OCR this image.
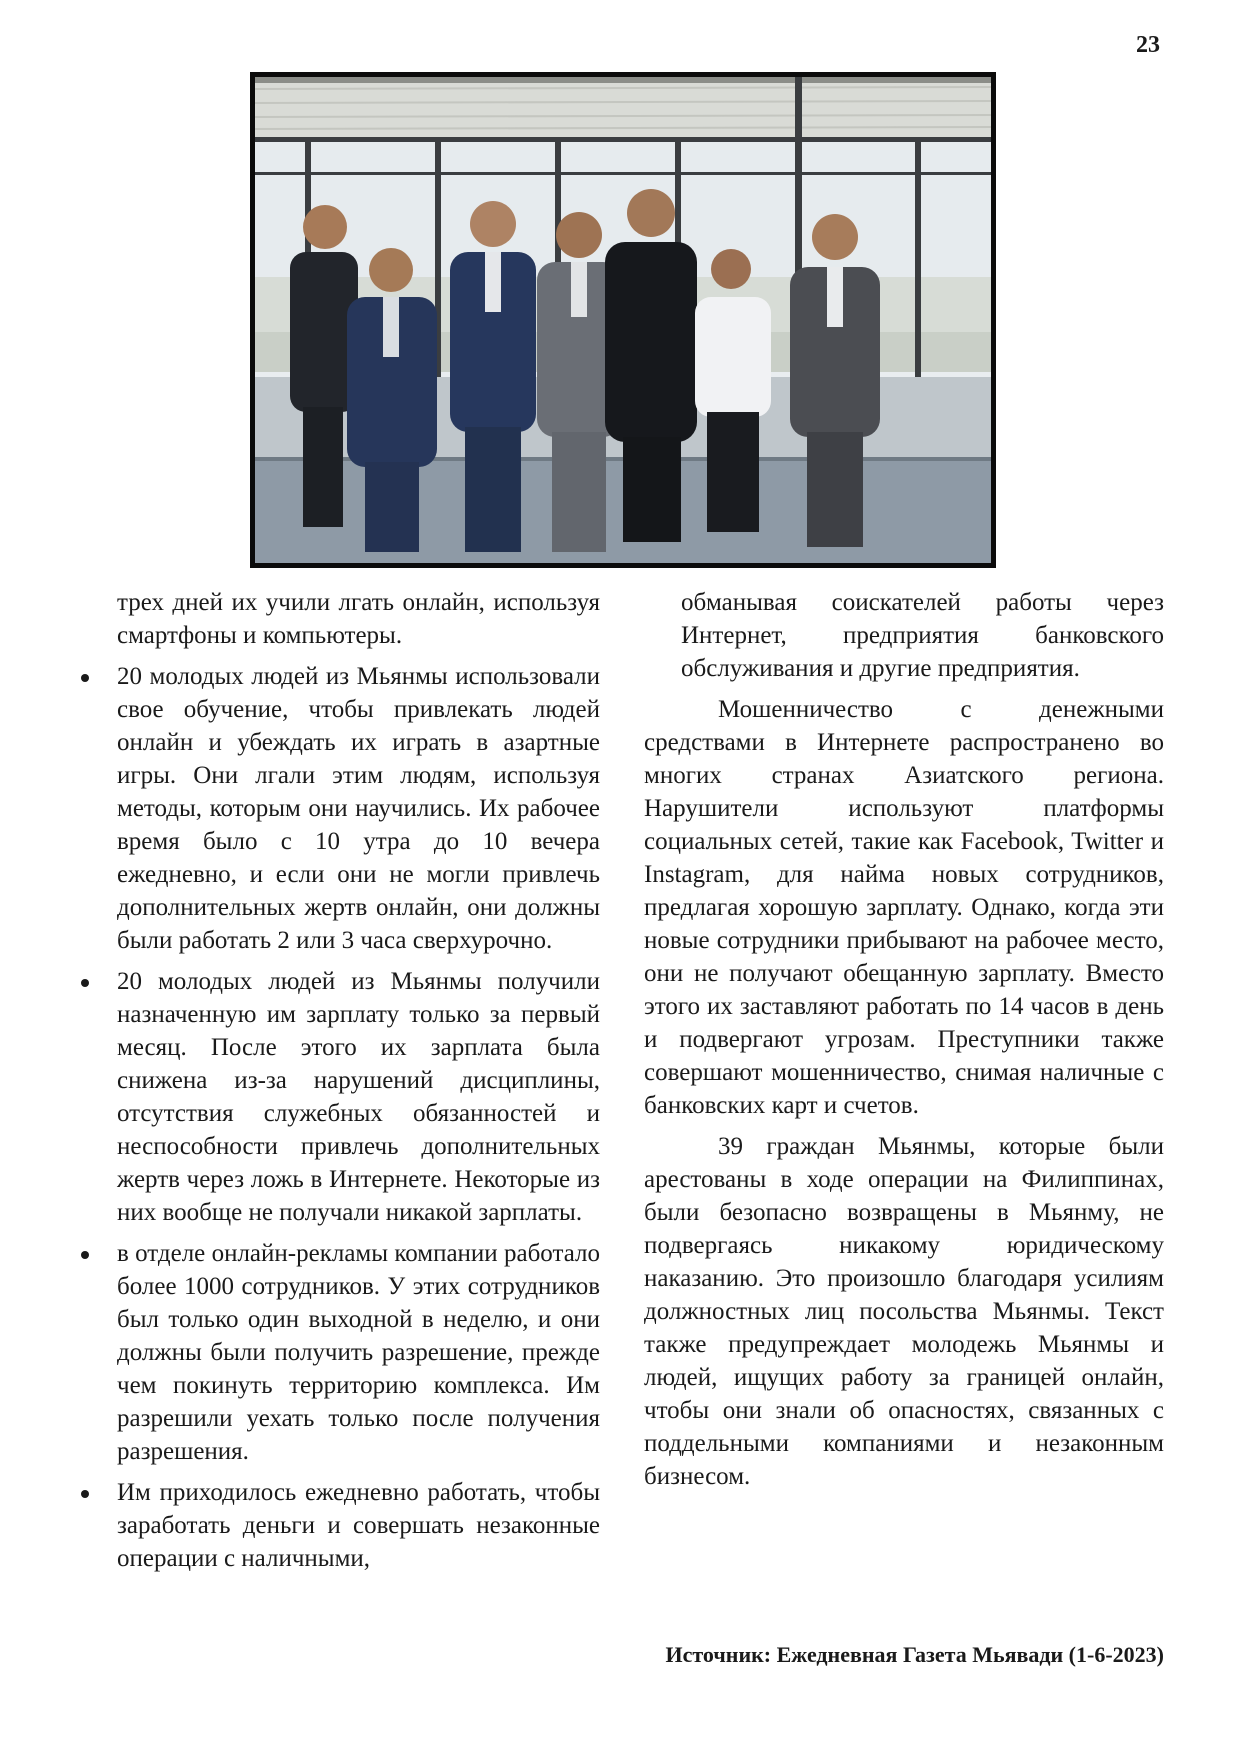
23

трех дней их учили лгать онлайн, используя смартфоны и компьютеры.

20 молодых людей из Мьянмы использовали свое обучение, чтобы привлекать людей онлайн и убеждать их играть в азартные игры. Они лгали этим людям, используя методы, которым они научились. Их рабочее время было с 10 утра до 10 вечера ежедневно, и если они не могли привлечь дополнительных жертв онлайн, они должны были работать 2 или 3 часа сверхурочно.
20 молодых людей из Мьянмы получили назначенную им зарплату только за первый месяц. После этого их зарплата была снижена из-за нарушений дисциплины, отсутствия служебных обязанностей и неспособности привлечь дополнительных жертв через ложь в Интернете. Некоторые из них вообще не получали никакой зарплаты.
в отделе онлайн-рекламы компании работало более 1000 сотрудников. У этих сотрудников был только один выходной в неделю, и они должны были получить разрешение, прежде чем покинуть территорию комплекса. Им разрешили уехать только после получения разрешения.
Им приходилось ежедневно работать, чтобы заработать деньги и совершать незаконные операции с наличными,

обманывая соискателей работы через Интернет, предприятия банковского обслуживания и другие предприятия.

Мошенничество с денежными средствами в Интернете распространено во многих странах Азиатского региона. Нарушители используют платформы социальных сетей, такие как Facebook, Twitter и Instagram, для найма новых сотрудников, предлагая хорошую зарплату. Однако, когда эти новые сотрудники прибывают на рабочее место, они не получают обещанную зарплату. Вместо этого их заставляют работать по 14 часов в день и подвергают угрозам. Преступники также совершают мошенничество, снимая наличные с банковских карт и счетов.

39 граждан Мьянмы, которые были арестованы в ходе операции на Филиппинах, были безопасно возвращены в Мьянму, не подвергаясь никакому юридическому наказанию. Это произошло благодаря усилиям должностных лиц посольства Мьянмы. Текст также предупреждает молодежь Мьянмы и людей, ищущих работу за границей онлайн, чтобы они знали об опасностях, связанных с поддельными компаниями и незаконным бизнесом.

Источник: Ежедневная Газета Мьявади (1-6-2023)
